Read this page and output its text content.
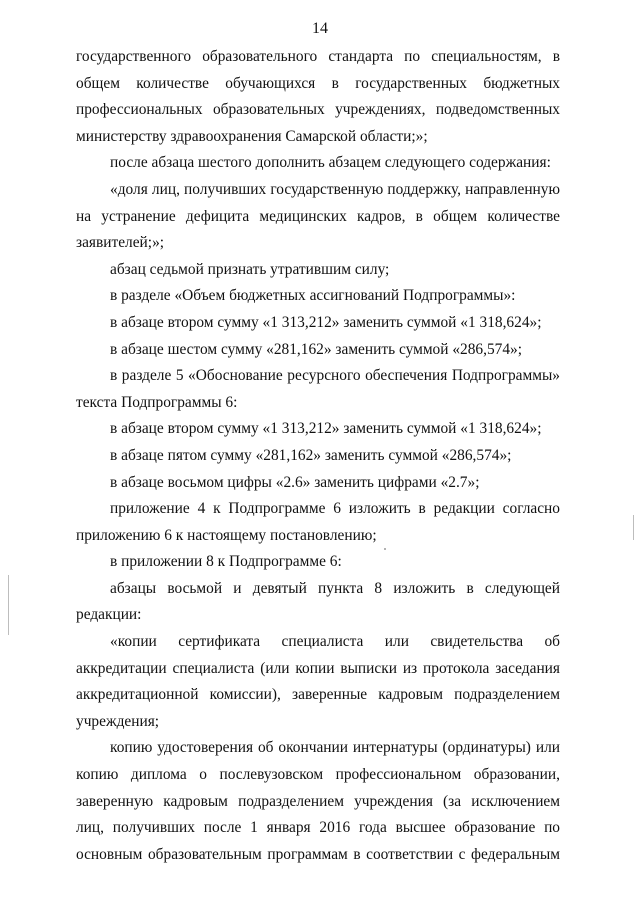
14

государственного образовательного стандарта по специальностям, в общем количестве обучающихся в государственных бюджетных профессиональных образовательных учреждениях, подведомственных министерству здравоохранения Самарской области;»;

после абзаца шестого дополнить абзацем следующего содержания:

«доля лиц, получивших государственную поддержку, направленную на устранение дефицита медицинских кадров, в общем количестве заявителей;»;

абзац седьмой признать утратившим силу;

в разделе «Объем бюджетных ассигнований Подпрограммы»:

в абзаце втором сумму «1 313,212» заменить суммой «1 318,624»;

в абзаце шестом сумму «281,162» заменить суммой «286,574»;

в разделе 5 «Обоснование ресурсного обеспечения Подпрограммы» текста Подпрограммы 6:

в абзаце втором сумму «1 313,212» заменить суммой «1 318,624»;

в абзаце пятом сумму «281,162» заменить суммой «286,574»;

в абзаце восьмом цифры «2.6» заменить цифрами «2.7»;

приложение 4 к Подпрограмме 6 изложить в редакции согласно приложению 6 к настоящему постановлению;

в приложении 8 к Подпрограмме 6:

абзацы восьмой и девятый пункта 8 изложить в следующей редакции:

«копии сертификата специалиста или свидетельства об аккредитации специалиста (или копии выписки из протокола заседания аккредитационной комиссии), заверенные кадровым подразделением учреждения;

копию удостоверения об окончании интернатуры (ординатуры) или копию диплома о послевузовском профессиональном образовании, заверенную кадровым подразделением учреждения (за исключением лиц, получивших после 1 января 2016 года высшее образование по основным образовательным программам в соответствии с федеральным
